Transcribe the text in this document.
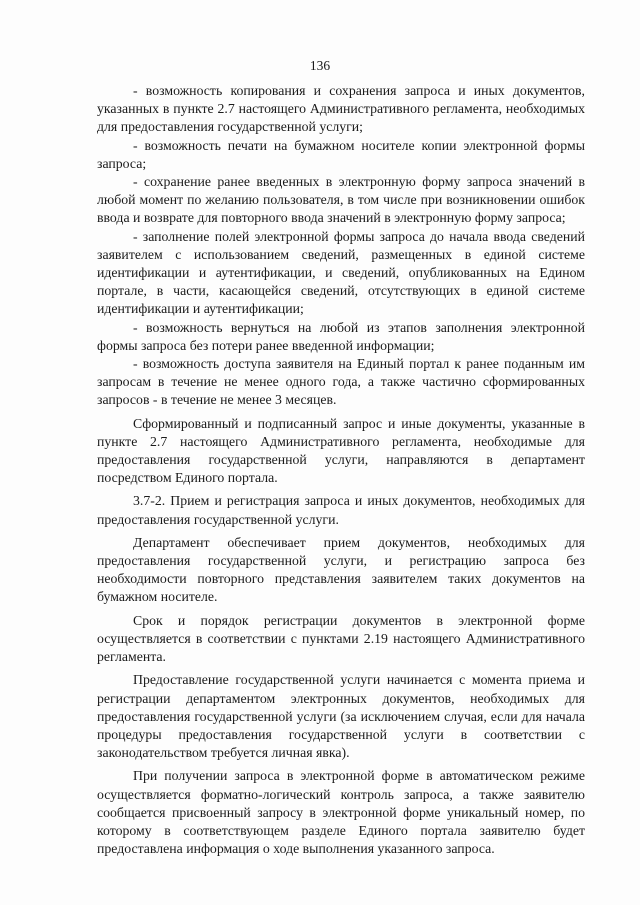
136

- возможность копирования и сохранения запроса и иных документов, указанных в пункте 2.7 настоящего Административного регламента, необходимых для предоставления государственной услуги;

- возможность печати на бумажном носителе копии электронной формы запроса;

- сохранение ранее введенных в электронную форму запроса значений в любой момент по желанию пользователя, в том числе при возникновении ошибок ввода и возврате для повторного ввода значений в электронную форму запроса;

- заполнение полей электронной формы запроса до начала ввода сведений заявителем с использованием сведений, размещенных в единой системе идентификации и аутентификации, и сведений, опубликованных на Едином портале, в части, касающейся сведений, отсутствующих в единой системе идентификации и аутентификации;

- возможность вернуться на любой из этапов заполнения электронной формы запроса без потери ранее введенной информации;

- возможность доступа заявителя на Единый портал к ранее поданным им запросам в течение не менее одного года, а также частично сформированных запросов - в течение не менее 3 месяцев.

Сформированный и подписанный запрос и иные документы, указанные в пункте 2.7 настоящего Административного регламента, необходимые для предоставления государственной услуги, направляются в департамент посредством Единого портала.

3.7-2. Прием и регистрация запроса и иных документов, необходимых для предоставления государственной услуги.

Департамент обеспечивает прием документов, необходимых для предоставления государственной услуги, и регистрацию запроса без необходимости повторного представления заявителем таких документов на бумажном носителе.

Срок и порядок регистрации документов в электронной форме осуществляется в соответствии с пунктами 2.19 настоящего Административного регламента.

Предоставление государственной услуги начинается с момента приема и регистрации департаментом электронных документов, необходимых для предоставления государственной услуги (за исключением случая, если для начала процедуры предоставления государственной услуги в соответствии с законодательством требуется личная явка).

При получении запроса в электронной форме в автоматическом режиме осуществляется форматно-логический контроль запроса, а также заявителю сообщается присвоенный запросу в электронной форме уникальный номер, по которому в соответствующем разделе Единого портала заявителю будет предоставлена информация о ходе выполнения указанного запроса.
